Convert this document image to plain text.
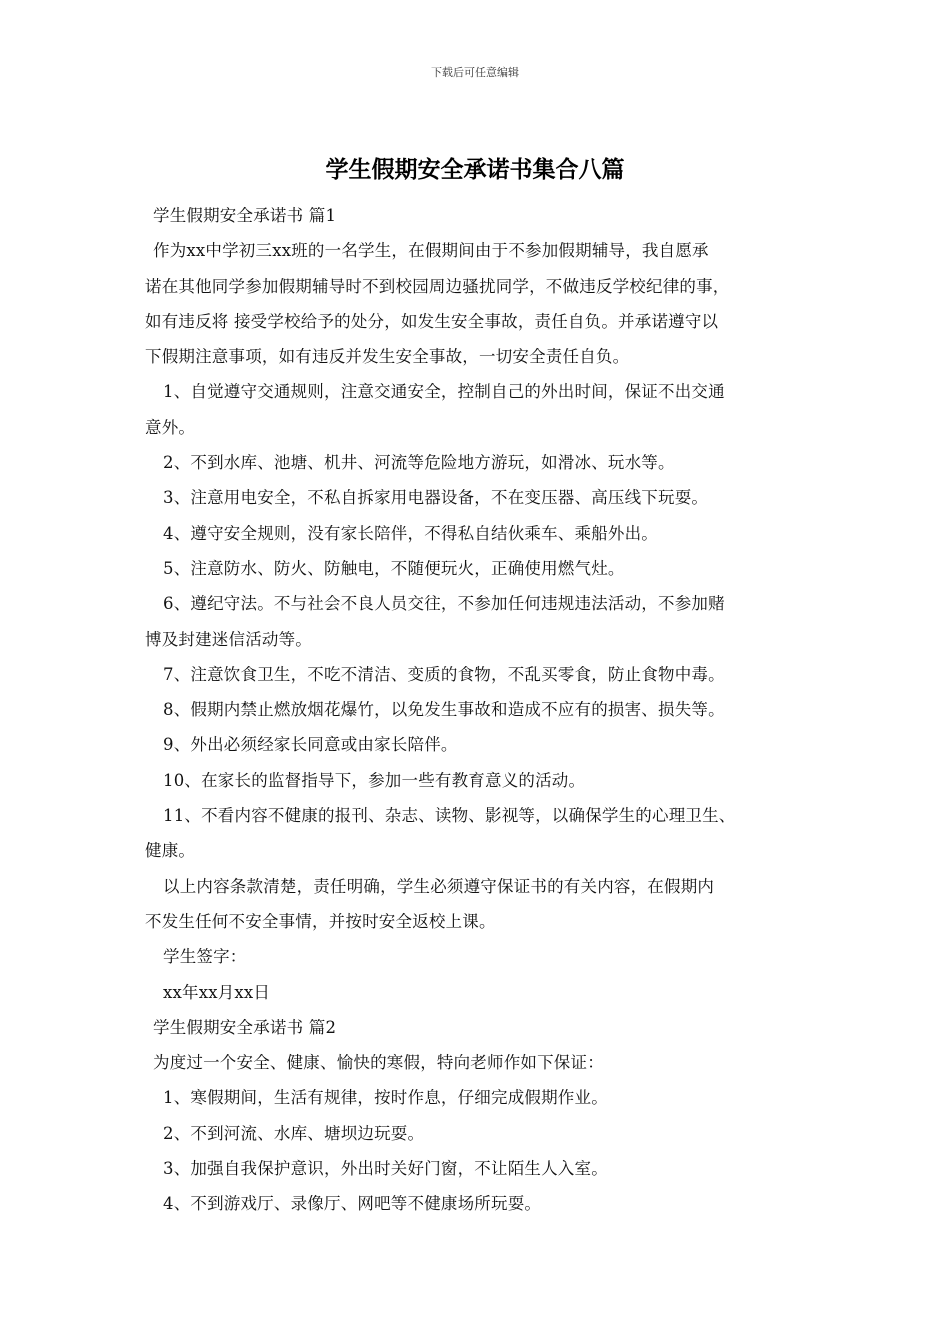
下载后可任意编辑
学生假期安全承诺书集合八篇
学生假期安全承诺书 篇1
作为xx中学初三xx班的一名学生，在假期间由于不参加假期辅导，我自愿承
诺在其他同学参加假期辅导时不到校园周边骚扰同学，不做违反学校纪律的事，
如有违反将 接受学校给予的处分，如发生安全事故，责任自负。并承诺遵守以
下假期注意事项，如有违反并发生安全事故，一切安全责任自负。
1、自觉遵守交通规则，注意交通安全，控制自己的外出时间，保证不出交通
意外。
2、不到水库、池塘、机井、河流等危险地方游玩，如滑冰、玩水等。
3、注意用电安全，不私自拆家用电器设备，不在变压器、高压线下玩耍。
4、遵守安全规则，没有家长陪伴，不得私自结伙乘车、乘船外出。
5、注意防水、防火、防触电，不随便玩火，正确使用燃气灶。
6、遵纪守法。不与社会不良人员交往，不参加任何违规违法活动，不参加赌
博及封建迷信活动等。
7、注意饮食卫生，不吃不清洁、变质的食物，不乱买零食，防止食物中毒。
8、假期内禁止燃放烟花爆竹，以免发生事故和造成不应有的损害、损失等。
9、外出必须经家长同意或由家长陪伴。
10、在家长的监督指导下，参加一些有教育意义的活动。
11、不看内容不健康的报刊、杂志、读物、影视等，以确保学生的心理卫生、
健康。
以上内容条款清楚，责任明确，学生必须遵守保证书的有关内容，在假期内
不发生任何不安全事情，并按时安全返校上课。
学生签字：
xx年xx月xx日
学生假期安全承诺书 篇2
为度过一个安全、健康、愉快的寒假，特向老师作如下保证：
1、寒假期间，生活有规律，按时作息，仔细完成假期作业。
2、不到河流、水库、塘坝边玩耍。
3、加强自我保护意识，外出时关好门窗，不让陌生人入室。
4、不到游戏厅、录像厅、网吧等不健康场所玩耍。
